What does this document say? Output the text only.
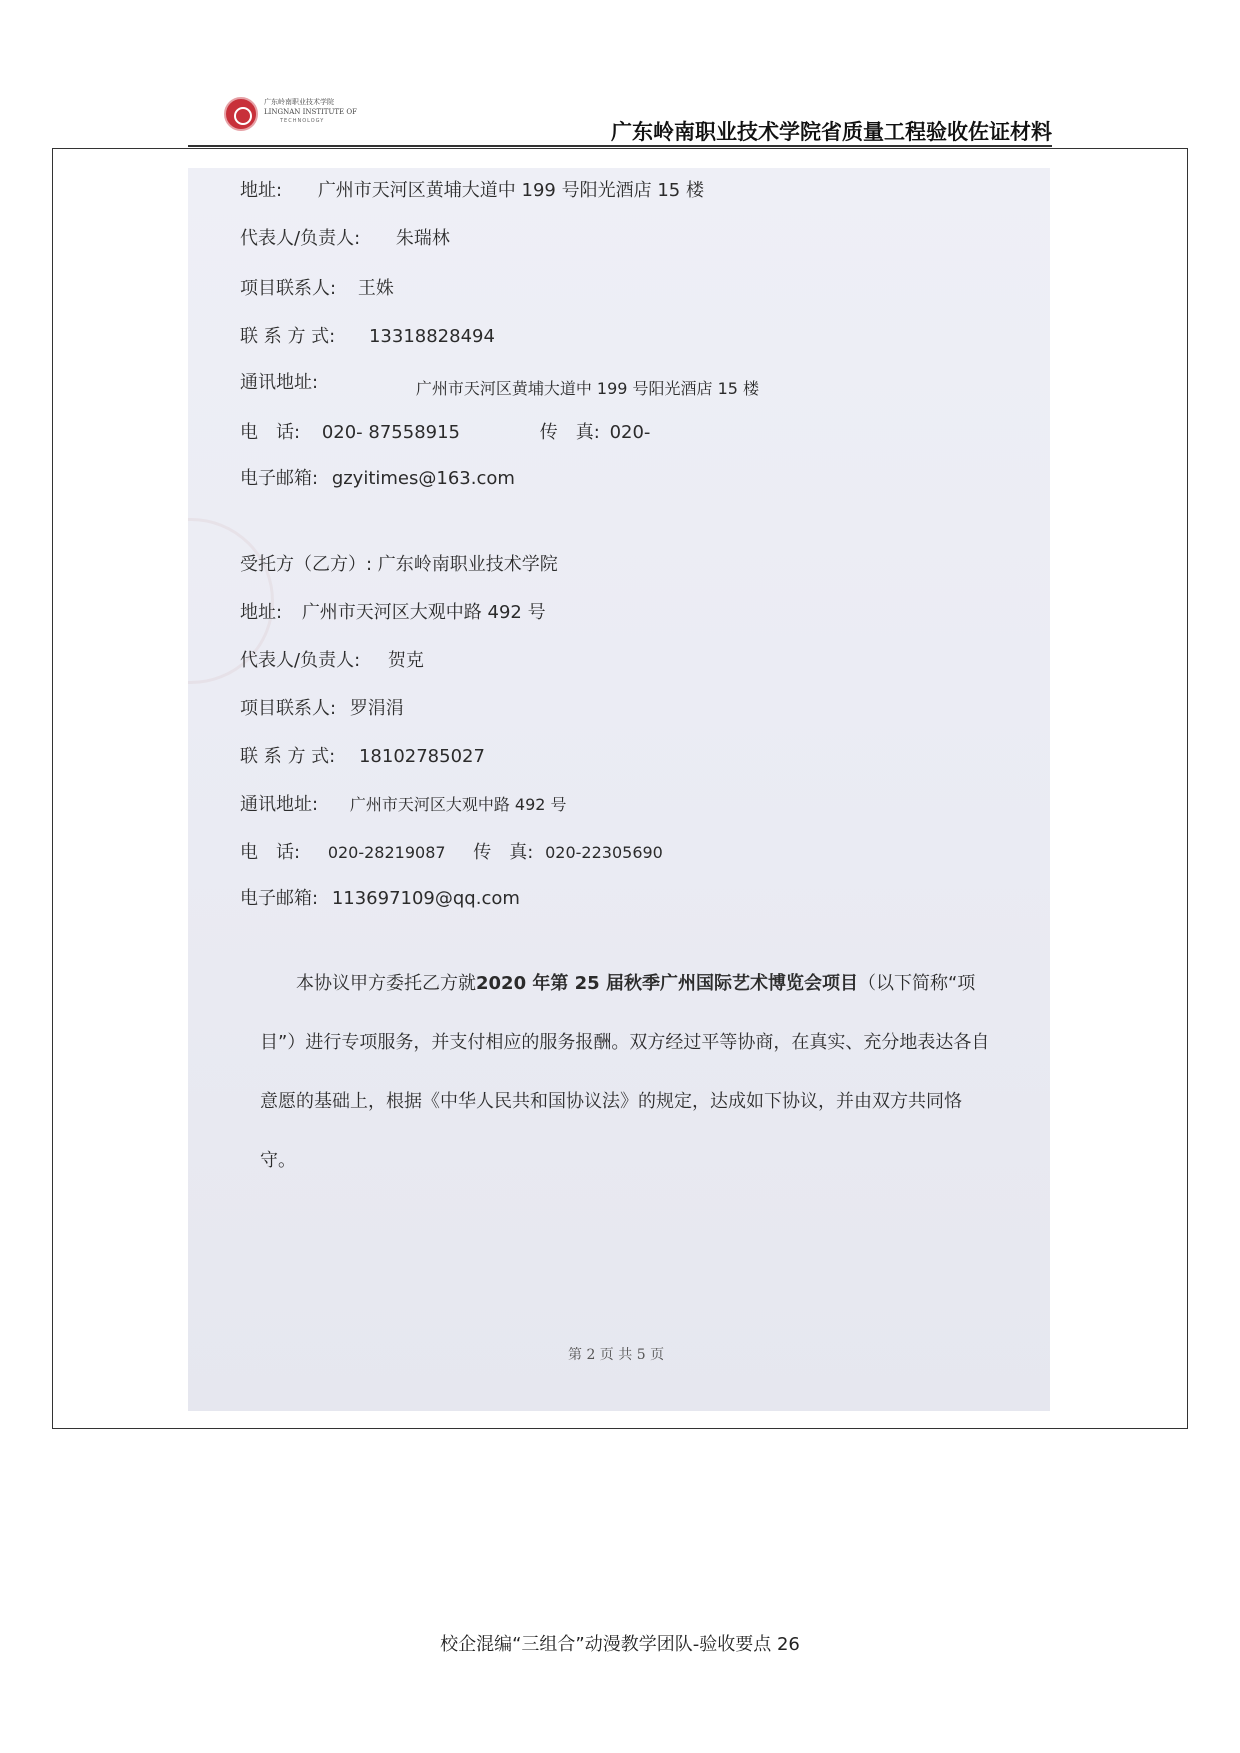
广东岭南职业技术学院
LINGNAN INSTITUTE OF
TECHNOLOGY	广东岭南职业技术学院省质量工程验收佐证材料
地址: 广州市天河区黄埔大道中 199 号阳光酒店 15 楼
代表人/负责人: 朱瑞林
项目联系人: 王姝
联 系 方 式: 13318828494
通讯地址:	广州市天河区黄埔大道中 199 号阳光酒店 15 楼
电　话: 020- 87558915	传　真: 020-
电子邮箱: gzyitimes@163.com
受托方（乙方）: 广东岭南职业技术学院
地址: 广州市天河区大观中路 492 号
代表人/负责人: 贺克
项目联系人: 罗涓涓
联 系 方 式: 18102785027
通讯地址: 广州市天河区大观中路 492 号
电　话: 020-28219087 传　真: 020-22305690
电子邮箱: 113697109@qq.com
本协议甲方委托乙方就2020 年第 25 届秋季广州国际艺术博览会项目（以下简称“项目”）进行专项服务，并支付相应的服务报酬。双方经过平等协商，在真实、充分地表达各自意愿的基础上，根据《中华人民共和国协议法》的规定，达成如下协议，并由双方共同恪守。
第 2 页 共 5 页
校企混编“三组合”动漫教学团队-验收要点 26
